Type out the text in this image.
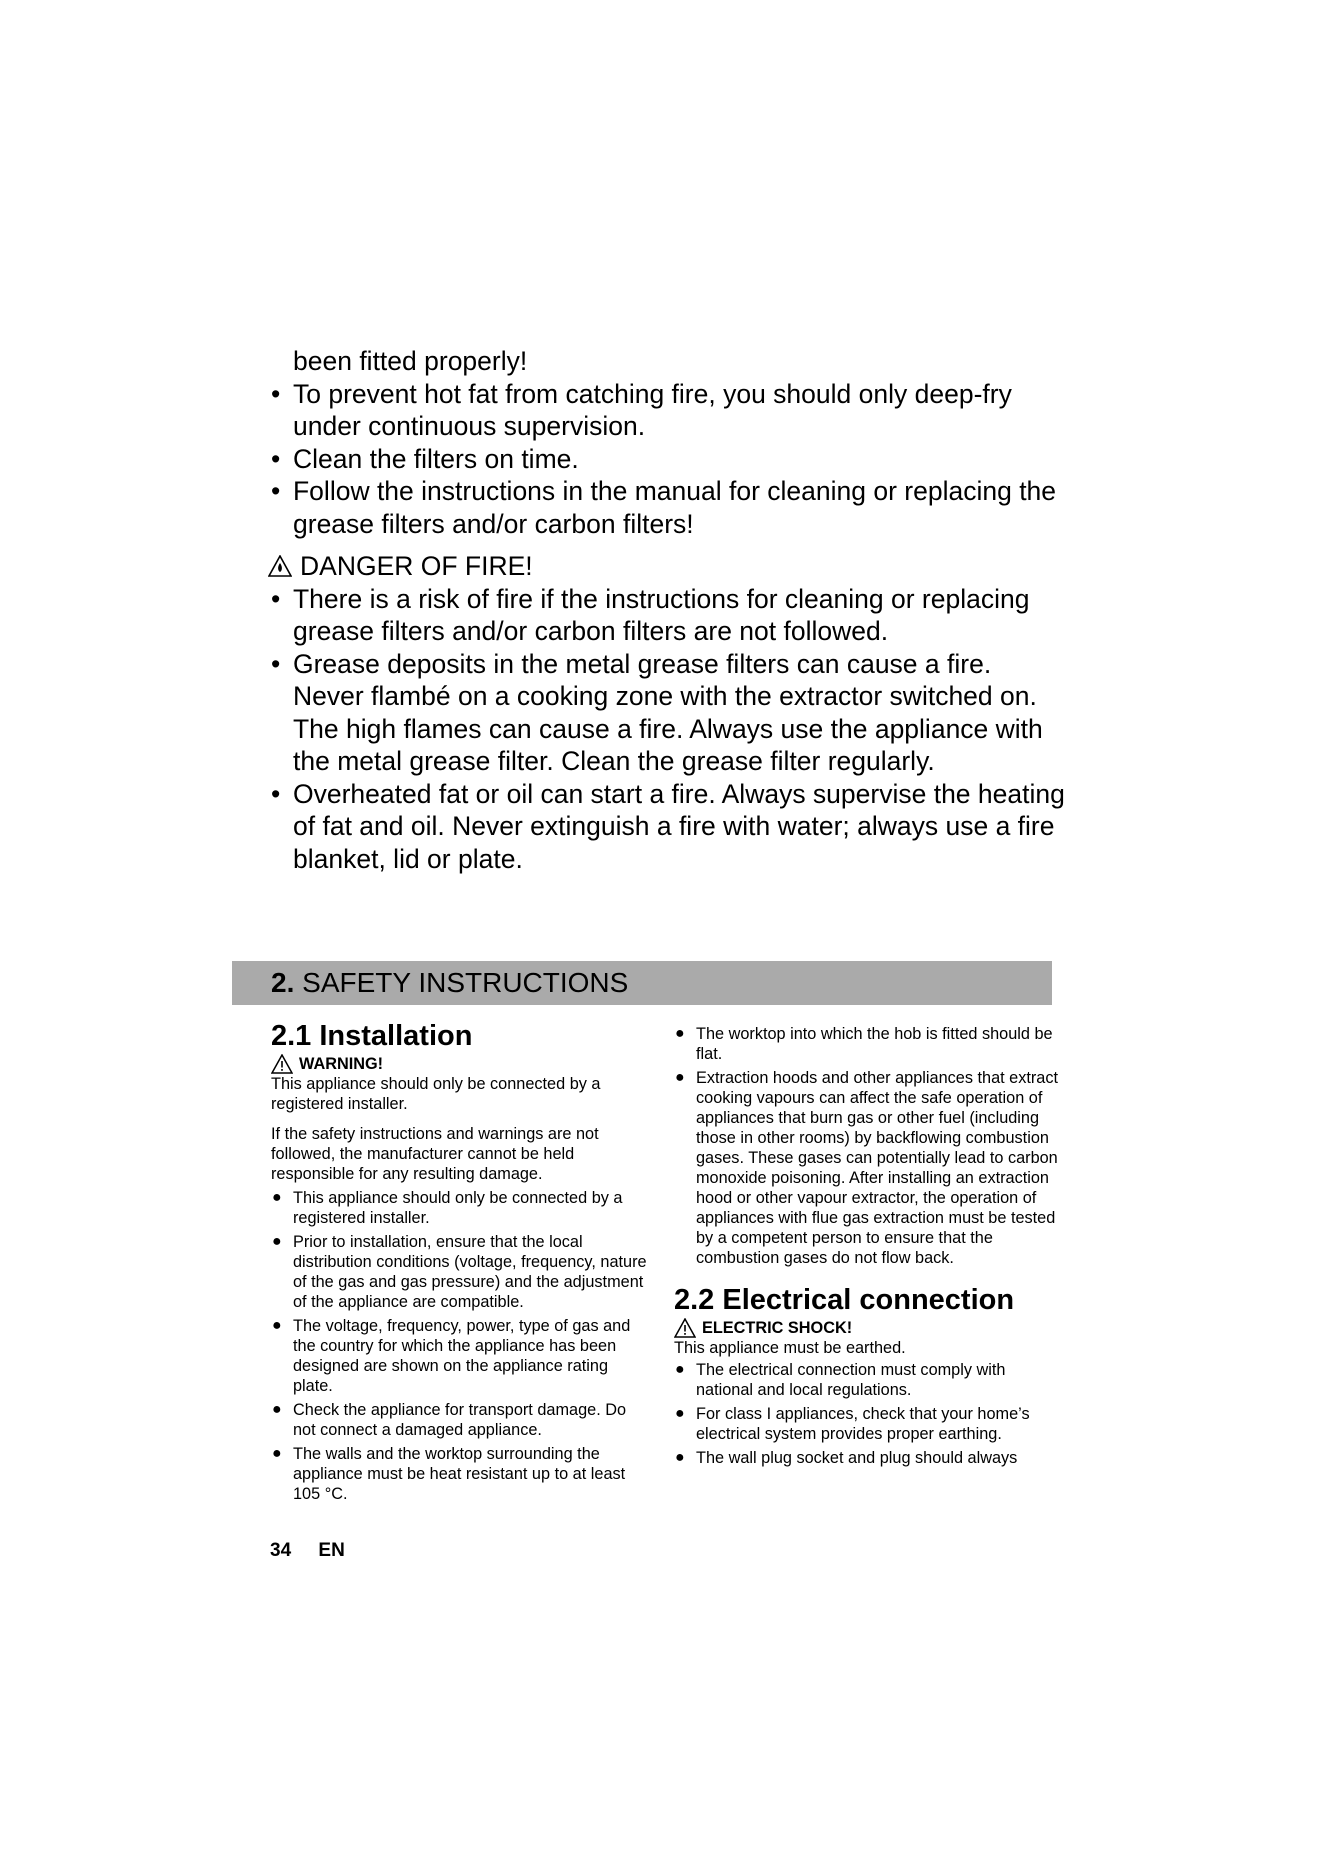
been fitted properly!
• To prevent hot fat from catching fire, you should only deep-fry under continuous supervision.
• Clean the filters on time.
• Follow the instructions in the manual for cleaning or replacing the grease filters and/or carbon filters!
DANGER OF FIRE!
• There is a risk of fire if the instructions for cleaning or replacing grease filters and/or carbon filters are not followed.
• Grease deposits in the metal grease filters can cause a fire. Never flambé on a cooking zone with the extractor switched on. The high flames can cause a fire. Always use the appliance with the metal grease filter. Clean the grease filter regularly.
• Overheated fat or oil can start a fire. Always supervise the heating of fat and oil. Never extinguish a fire with water; always use a fire blanket, lid or plate.
2. SAFETY INSTRUCTIONS
2.1 Installation
WARNING!

This appliance should only be connected by a registered installer.

If the safety instructions and warnings are not followed, the manufacturer cannot be held responsible for any resulting damage.

● This appliance should only be connected by a registered installer.
● Prior to installation, ensure that the local distribution conditions (voltage, frequency, nature of the gas and gas pressure) and the adjustment of the appliance are compatible.
● The voltage, frequency, power, type of gas and the country for which the appliance has been designed are shown on the appliance rating plate.
● Check the appliance for transport damage. Do not connect a damaged appliance.
● The walls and the worktop surrounding the appliance must be heat resistant up to at least 105 °C.
● The worktop into which the hob is fitted should be flat.
● Extraction hoods and other appliances that extract cooking vapours can affect the safe operation of appliances that burn gas or other fuel (including those in other rooms) by backflowing combustion gases. These gases can potentially lead to carbon monoxide poisoning. After installing an extraction hood or other vapour extractor, the operation of appliances with flue gas extraction must be tested by a competent person to ensure that the combustion gases do not flow back.
2.2 Electrical connection
ELECTRIC SHOCK!

This appliance must be earthed.

● The electrical connection must comply with national and local regulations.
● For class I appliances, check that your home’s electrical system provides proper earthing.
● The wall plug socket and plug should always
34 EN
